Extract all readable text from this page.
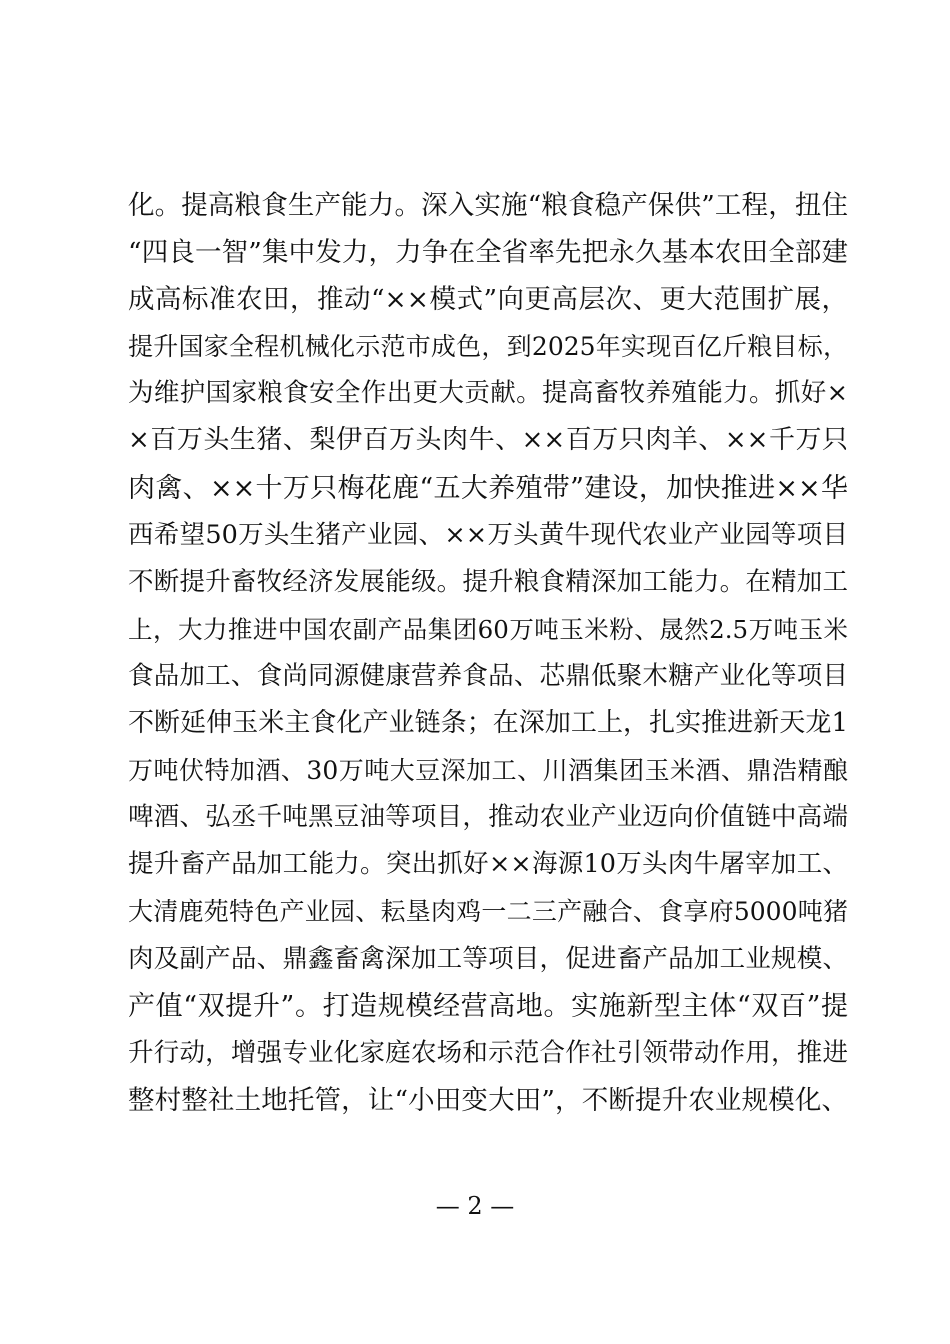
化。提高粮食生产能力。深入实施“粮食稳产保供”工程，扭住
“四良一智”集中发力，力争在全省率先把永久基本农田全部建
成高标准农田，推动“××模式”向更高层次、更大范围扩展，
提升国家全程机械化示范市成色，到2025年实现百亿斤粮目标，
为维护国家粮食安全作出更大贡献。提高畜牧养殖能力。抓好×
×百万头生猪、梨伊百万头肉牛、××百万只肉羊、××千万只
肉禽、××十万只梅花鹿“五大养殖带”建设，加快推进××华
西希望50万头生猪产业园、××万头黄牛现代农业产业园等项目
不断提升畜牧经济发展能级。提升粮食精深加工能力。在精加工
上，大力推进中国农副产品集团60万吨玉米粉、晟然2.5万吨玉米
食品加工、食尚同源健康营养食品、芯鼎低聚木糖产业化等项目
不断延伸玉米主食化产业链条；在深加工上，扎实推进新天龙1
万吨伏特加酒、30万吨大豆深加工、川酒集团玉米酒、鼎浩精酿
啤酒、弘丞千吨黑豆油等项目，推动农业产业迈向价值链中高端
提升畜产品加工能力。突出抓好××海源10万头肉牛屠宰加工、
大清鹿苑特色产业园、耘垦肉鸡一二三产融合、食享府5000吨猪
肉及副产品、鼎鑫畜禽深加工等项目，促进畜产品加工业规模、
产值“双提升”。打造规模经营高地。实施新型主体“双百”提
升行动，增强专业化家庭农场和示范合作社引领带动作用，推进
整村整社土地托管，让“小田变大田”，不断提升农业规模化、
— 2 —
